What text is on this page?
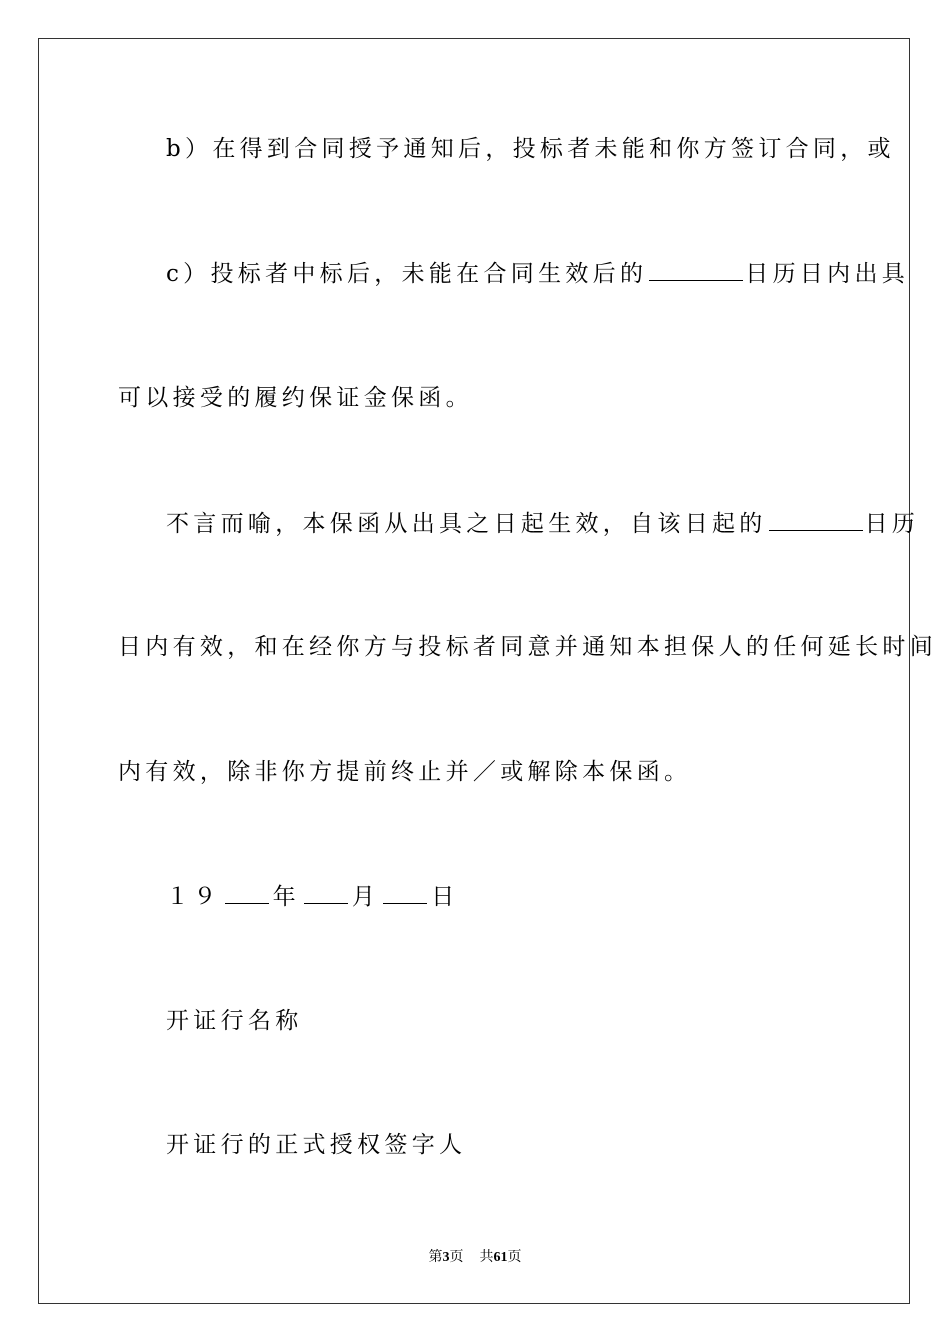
b）在得到合同授予通知后，投标者未能和你方签订合同，或
c）投标者中标后，未能在合同生效后的	日历日内出具
可以接受的履约保证金保函。
不言而喻，本保函从出具之日起生效，自该日起的	日历
日内有效，和在经你方与投标者同意并通知本担保人的任何延长时间
内有效，除非你方提前终止并／或解除本保函。
１９ 年 月 日
开证行名称
开证行的正式授权签字人
第3页 共61页
